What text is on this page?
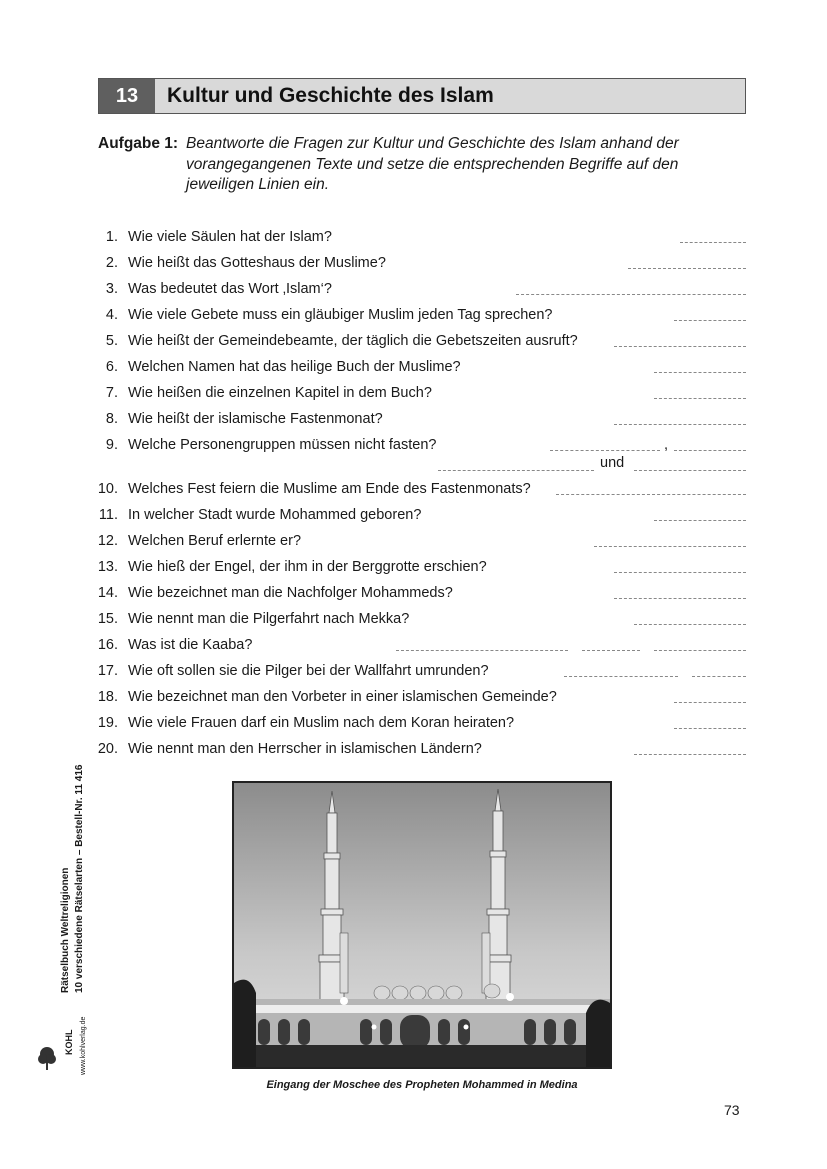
13	Kultur und Geschichte des Islam
Aufgabe 1: Beantworte die Fragen zur Kultur und Geschichte des Islam anhand der vorangegangenen Texte und setze die entsprechenden Begriffe auf den jeweiligen Linien ein.
1. Wie viele Säulen hat der Islam?
2. Wie heißt das Gotteshaus der Muslime?
3. Was bedeutet das Wort ‚Islam‘?
4. Wie viele Gebete muss ein gläubiger Muslim jeden Tag sprechen?
5. Wie heißt der Gemeindebeamte, der täglich die Gebetszeiten ausruft?
6. Welchen Namen hat das heilige Buch der Muslime?
7. Wie heißen die einzelnen Kapitel in dem Buch?
8. Wie heißt der islamische Fastenmonat?
9. Welche Personengruppen müssen nicht fasten?	,
und
10. Welches Fest feiern die Muslime am Ende des Fastenmonats?
11. In welcher Stadt wurde Mohammed geboren?
12. Welchen Beruf erlernte er?
13. Wie hieß der Engel, der ihm in der Berggrotte erschien?
14. Wie bezeichnet man die Nachfolger Mohammeds?
15. Wie nennt man die Pilgerfahrt nach Mekka?
16. Was ist die Kaaba?
17. Wie oft sollen sie die Pilger bei der Wallfahrt umrunden?
18. Wie bezeichnet man den Vorbeter in einer islamischen Gemeinde?
19. Wie viele Frauen darf ein Muslim nach dem Koran heiraten?
20. Wie nennt man den Herrscher in islamischen Ländern?
Eingang der Moschee des Propheten Mohammed in Medina
Rätselbuch Weltreligionen 10 verschiedene Rätselarten – Bestell-Nr. 11 416
www.kohlverlag.de
KOHL
73
